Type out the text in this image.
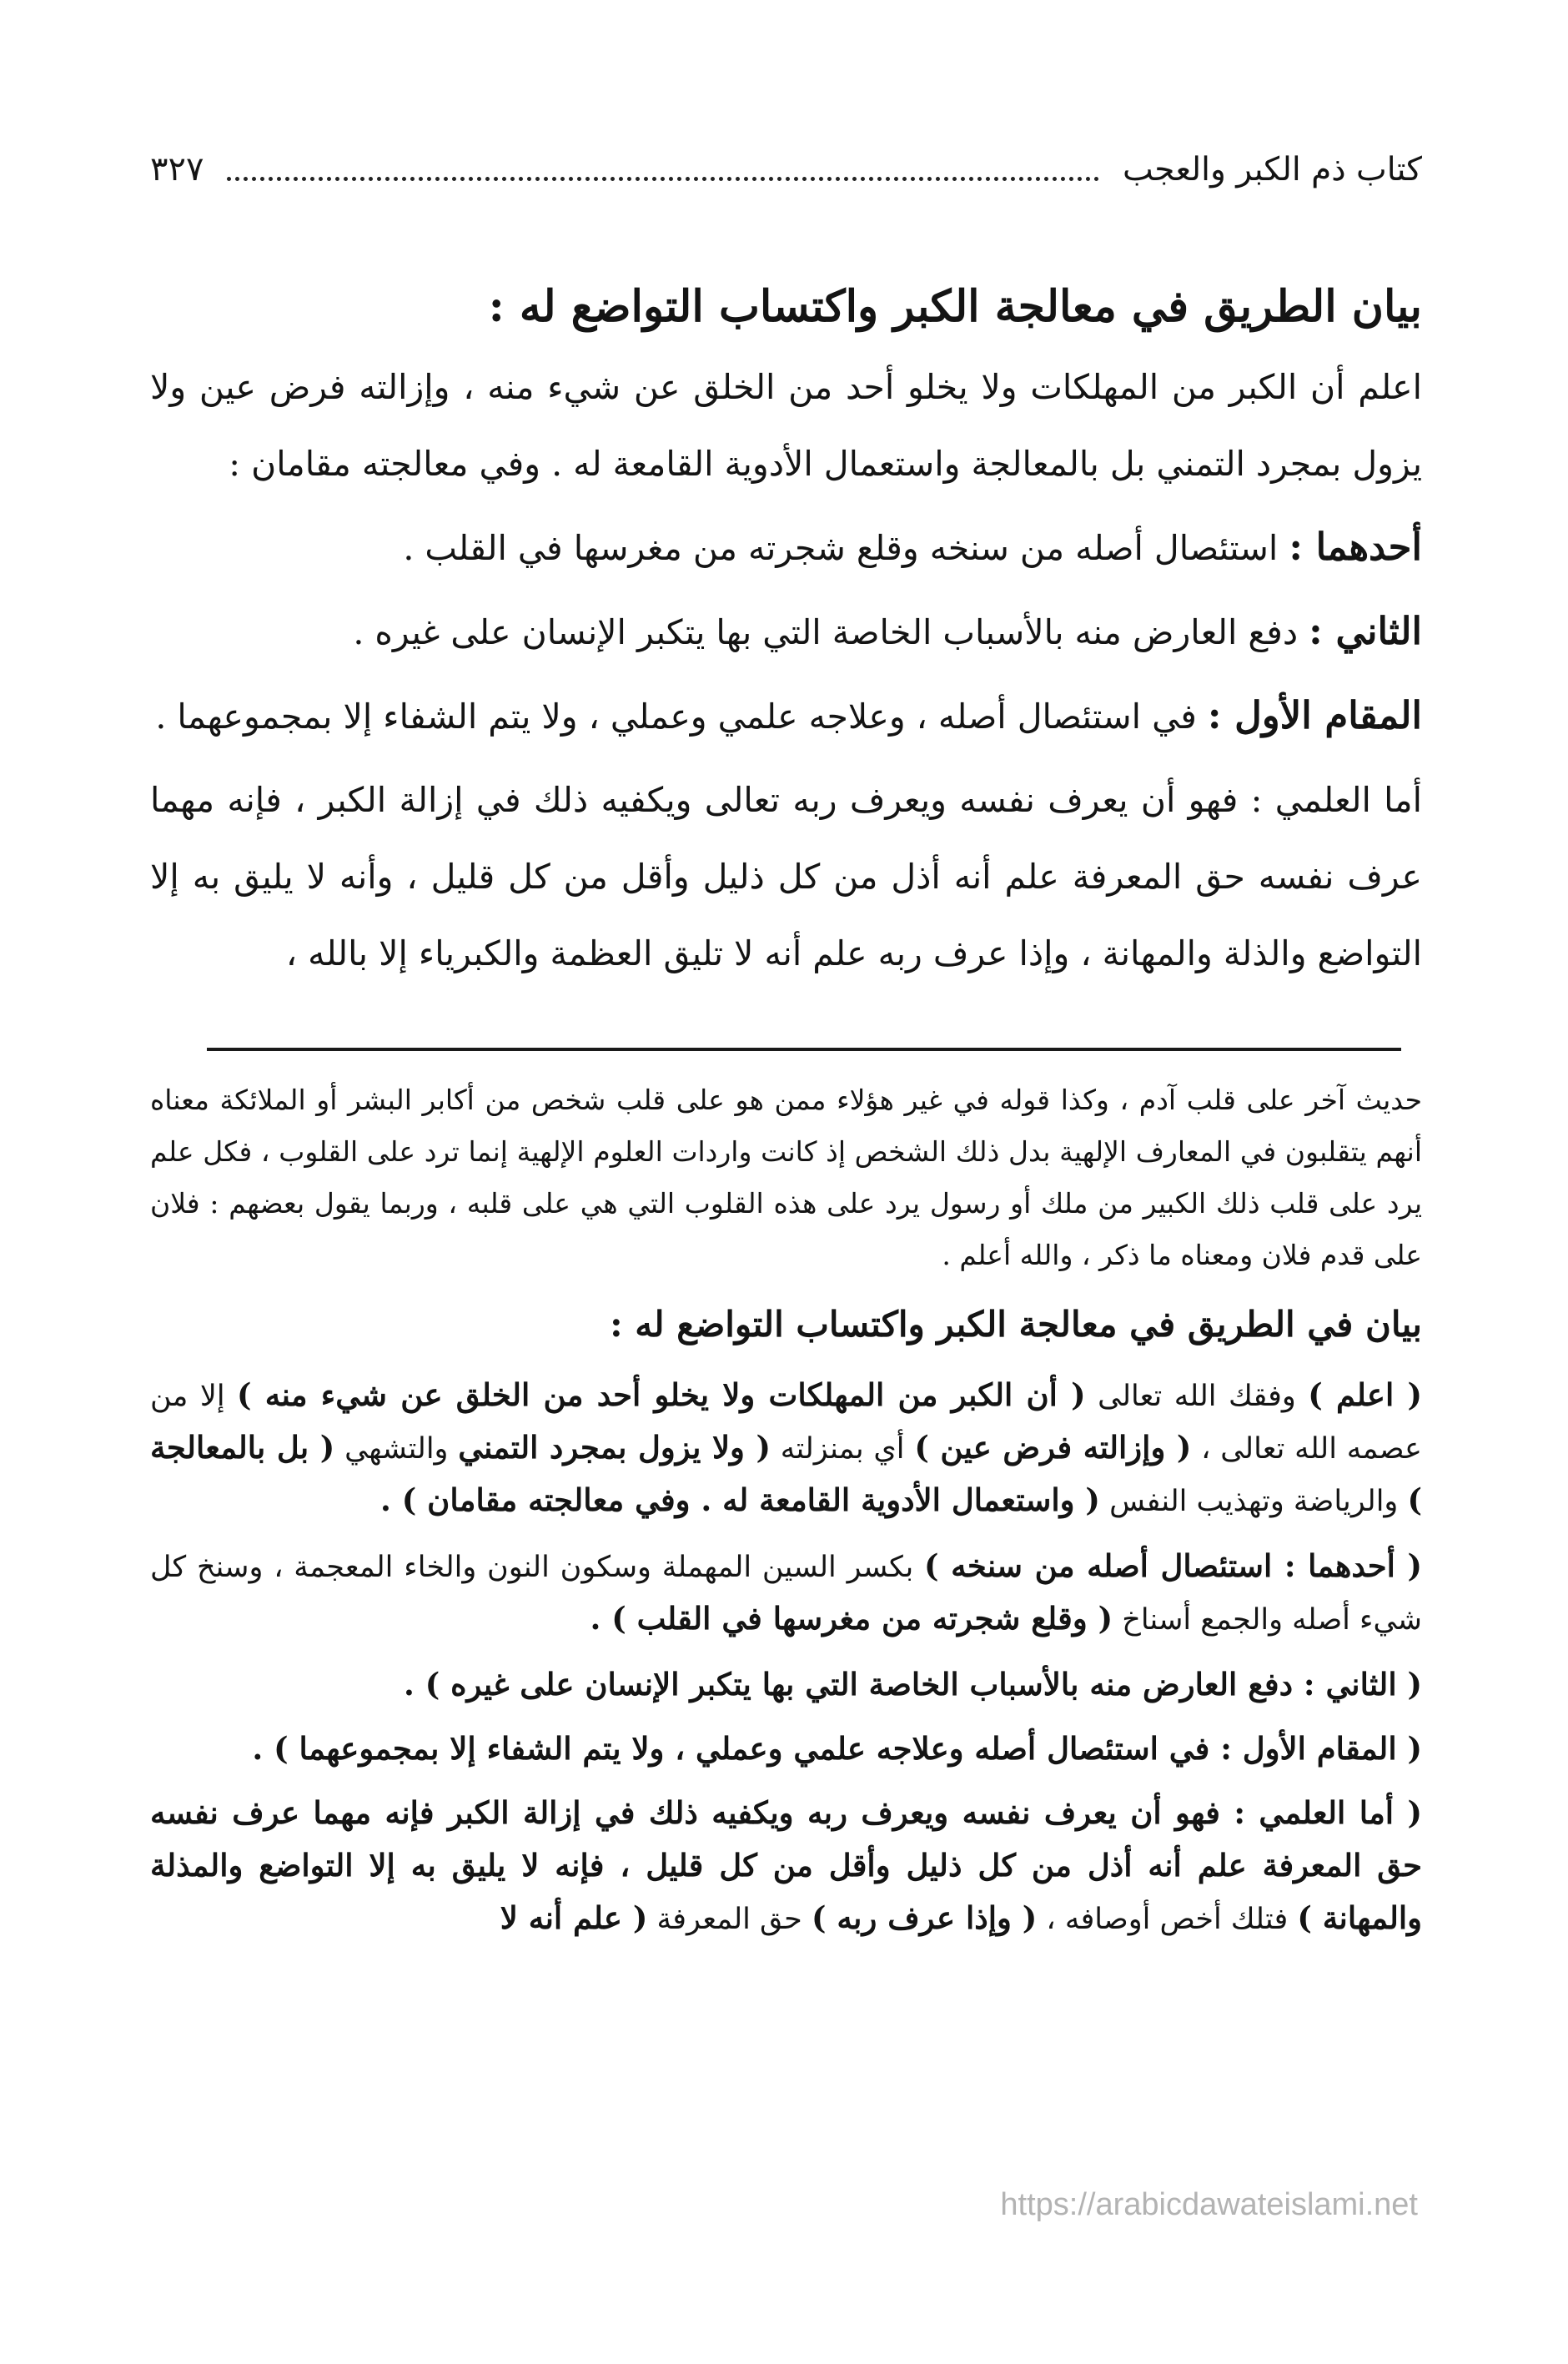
كتاب ذم الكبر والعجب
٣٢٧
بيان الطريق في معالجة الكبر واكتساب التواضع له :

اعلم أن الكبر من المهلكات ولا يخلو أحد من الخلق عن شيء منه ، وإزالته فرض عين ولا يزول بمجرد التمني بل بالمعالجة واستعمال الأدوية القامعة له . وفي معالجته مقامان :

أحدهما : استئصال أصله من سنخه وقلع شجرته من مغرسها في القلب .

الثاني : دفع العارض منه بالأسباب الخاصة التي بها يتكبر الإنسان على غيره .

المقام الأول : في استئصال أصله ، وعلاجه علمي وعملي ، ولا يتم الشفاء إلا بمجموعهما .

أما العلمي : فهو أن يعرف نفسه ويعرف ربه تعالى ويكفيه ذلك في إزالة الكبر ، فإنه مهما عرف نفسه حق المعرفة علم أنه أذل من كل ذليل وأقل من كل قليل ، وأنه لا يليق به إلا التواضع والذلة والمهانة ، وإذا عرف ربه علم أنه لا تليق العظمة والكبرياء إلا بالله ،

حديث آخر على قلب آدم ، وكذا قوله في غير هؤلاء ممن هو على قلب شخص من أكابر البشر أو الملائكة معناه أنهم يتقلبون في المعارف الإلهية بدل ذلك الشخص إذ كانت واردات العلوم الإلهية إنما ترد على القلوب ، فكل علم يرد على قلب ذلك الكبير من ملك أو رسول يرد على هذه القلوب التي هي على قلبه ، وربما يقول بعضهم : فلان على قدم فلان ومعناه ما ذكر ، والله أعلم .

بيان في الطريق في معالجة الكبر واكتساب التواضع له :

( اعلم ) وفقك الله تعالى ( أن الكبر من المهلكات ولا يخلو أحد من الخلق عن شيء منه ) إلا من عصمه الله تعالى ، ( وإزالته فرض عين ) أي بمنزلته ( ولا يزول بمجرد التمني والتشهي ( بل بالمعالجة ) والرياضة وتهذيب النفس ( واستعمال الأدوية القامعة له . وفي معالجته مقامان ) .

( أحدهما : استئصال أصله من سنخه ) بكسر السين المهملة وسكون النون والخاء المعجمة ، وسنخ كل شيء أصله والجمع أسناخ ( وقلع شجرته من مغرسها في القلب ) .

( الثاني : دفع العارض منه بالأسباب الخاصة التي بها يتكبر الإنسان على غيره ) .

( المقام الأول : في استئصال أصله وعلاجه علمي وعملي ، ولا يتم الشفاء إلا بمجموعهما ) .

( أما العلمي : فهو أن يعرف نفسه ويعرف ربه ويكفيه ذلك في إزالة الكبر فإنه مهما عرف نفسه حق المعرفة علم أنه أذل من كل ذليل وأقل من كل قليل ، فإنه لا يليق به إلا التواضع والمذلة والمهانة ) فتلك أخص أوصافه ، ( وإذا عرف ربه ) حق المعرفة ( علم أنه لا

https://arabicdawateislami.net
